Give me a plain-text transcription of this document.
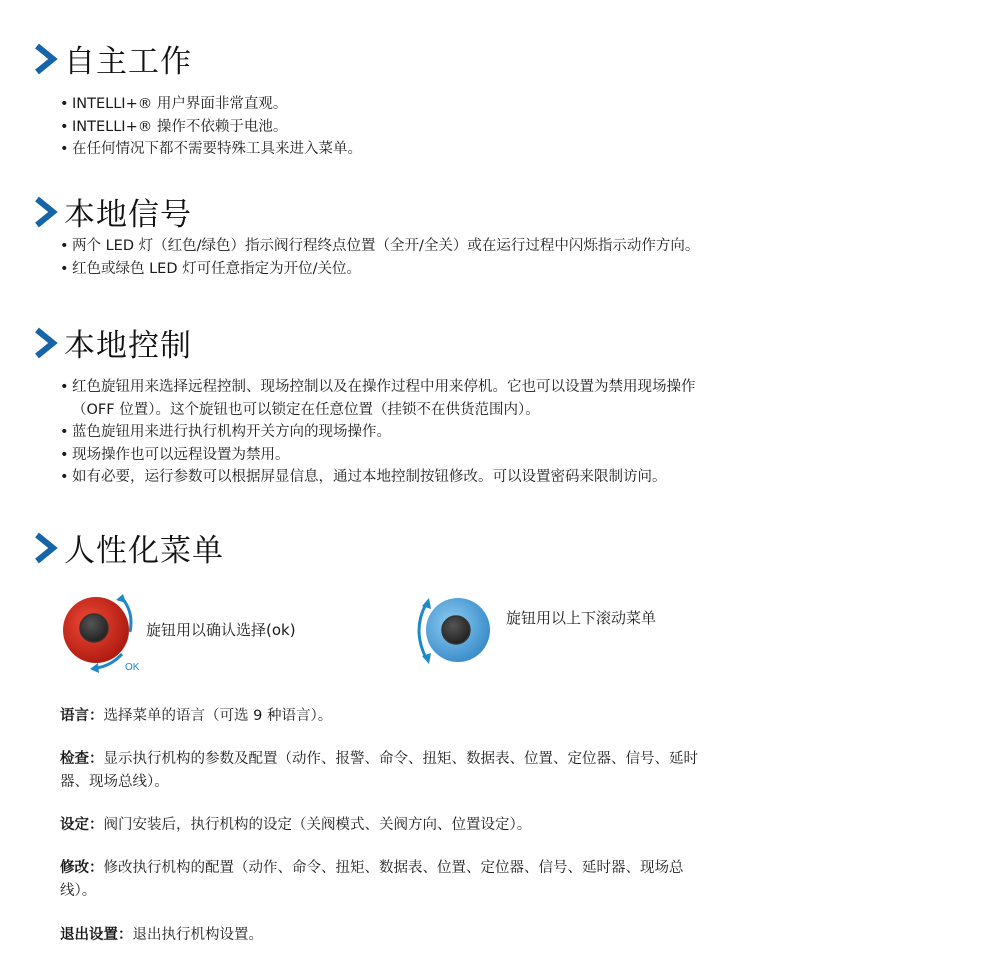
自主工作
• INTELLI+® 用户界面非常直观。
• INTELLI+® 操作不依赖于电池。
• 在任何情况下都不需要特殊工具来进入菜单。
本地信号
• 两个 LED 灯（红色/绿色）指示阀行程终点位置（全开/全关）或在运行过程中闪烁指示动作方向。
• 红色或绿色 LED 灯可任意指定为开位/关位。
本地控制
• 红色旋钮用来选择远程控制、现场控制以及在操作过程中用来停机。它也可以设置为禁用现场操作
（OFF 位置）。这个旋钮也可以锁定在任意位置（挂锁不在供货范围内）。
• 蓝色旋钮用来进行执行机构开关方向的现场操作。
• 现场操作也可以远程设置为禁用。
• 如有必要，运行参数可以根据屏显信息，通过本地控制按钮修改。可以设置密码来限制访问。
人性化菜单
OK
旋钮用以确认选择(ok)
旋钮用以上下滚动菜单

语言：选择菜单的语言（可选 9 种语言）。

检查：显示执行机构的参数及配置（动作、报警、命令、扭矩、数据表、位置、定位器、信号、延时
器、现场总线）。

设定：阀门安装后，执行机构的设定（关阀模式、关阀方向、位置设定）。

修改：修改执行机构的配置（动作、命令、扭矩、数据表、位置、定位器、信号、延时器、现场总
线）。

退出设置：退出执行机构设置。
